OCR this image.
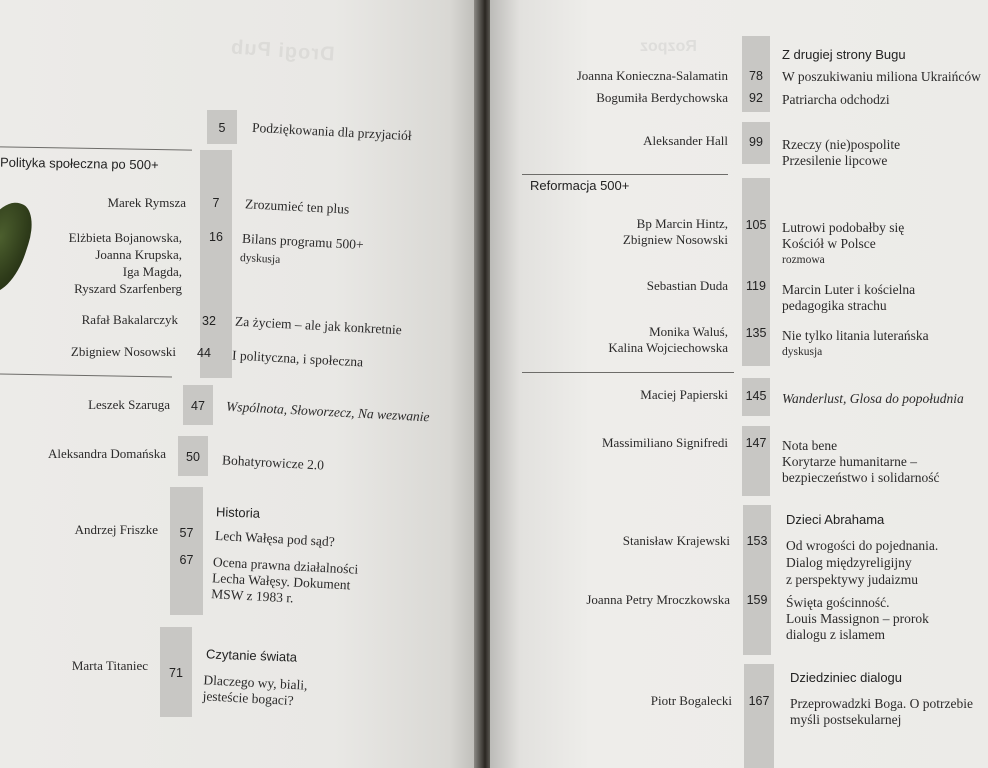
Drogi Pub
5	Podziękowania dla przyjaciół
Polityka społeczna po 500+
Marek Rymsza	7	Zrozumieć ten plus
Elżbieta Bojanowska,
Joanna Krupska,
Iga Magda,
Ryszard Szarfenberg
16	Bilans programu 500+
dyskusja
Rafał Bakalarczyk	32	Za życiem – ale jak konkretnie
Zbigniew Nosowski	44	I polityczna, i społeczna
Leszek Szaruga	47	Wspólnota, Słoworzecz, Na wezwanie
Aleksandra Domańska	50	Bohatyrowicze 2.0
Historia
Andrzej Friszke	57	Lech Wałęsa pod sąd?
67	Ocena prawna działalności
Lecha Wałęsy. Dokument
MSW z 1983 r.
Czytanie świata
Marta Titaniec	71	Dlaczego wy, biali,
jesteście bogaci?
Rozpoz	Z drugiej strony Bugu
Joanna Konieczna-Salamatin	78	W poszukiwaniu miliona Ukraińców
Bogumiła Berdychowska	92	Patriarcha odchodzi
Aleksander Hall	99	Rzeczy (nie)pospolite
Przesilenie lipcowe
Reformacja 500+
Bp Marcin Hintz,
Zbigniew Nosowski
105 Lutrowi podobałby się
Kościół w Polsce
rozmowa
Sebastian Duda	119 Marcin Luter i kościelna
pedagogika strachu
Monika Waluś,
Kalina Wojciechowska
135 Nie tylko litania luterańska
dyskusja
Maciej Papierski 145 Wanderlust, Glosa do popołudnia
Massimiliano Signifredi 147 Nota bene
Korytarze humanitarne –
bezpieczeństwo i solidarność
Dzieci Abrahama
Stanisław Krajewski 153 Od wrogości do pojednania.
Dialog międzyreligijny
z perspektywy judaizmu
Joanna Petry Mroczkowska 159 Święta gościnność.
Louis Massignon – prorok
dialogu z islamem
Dziedziniec dialogu
Piotr Bogalecki	167	Przeprowadzki Boga. O potrzebie
myśli postsekularnej
